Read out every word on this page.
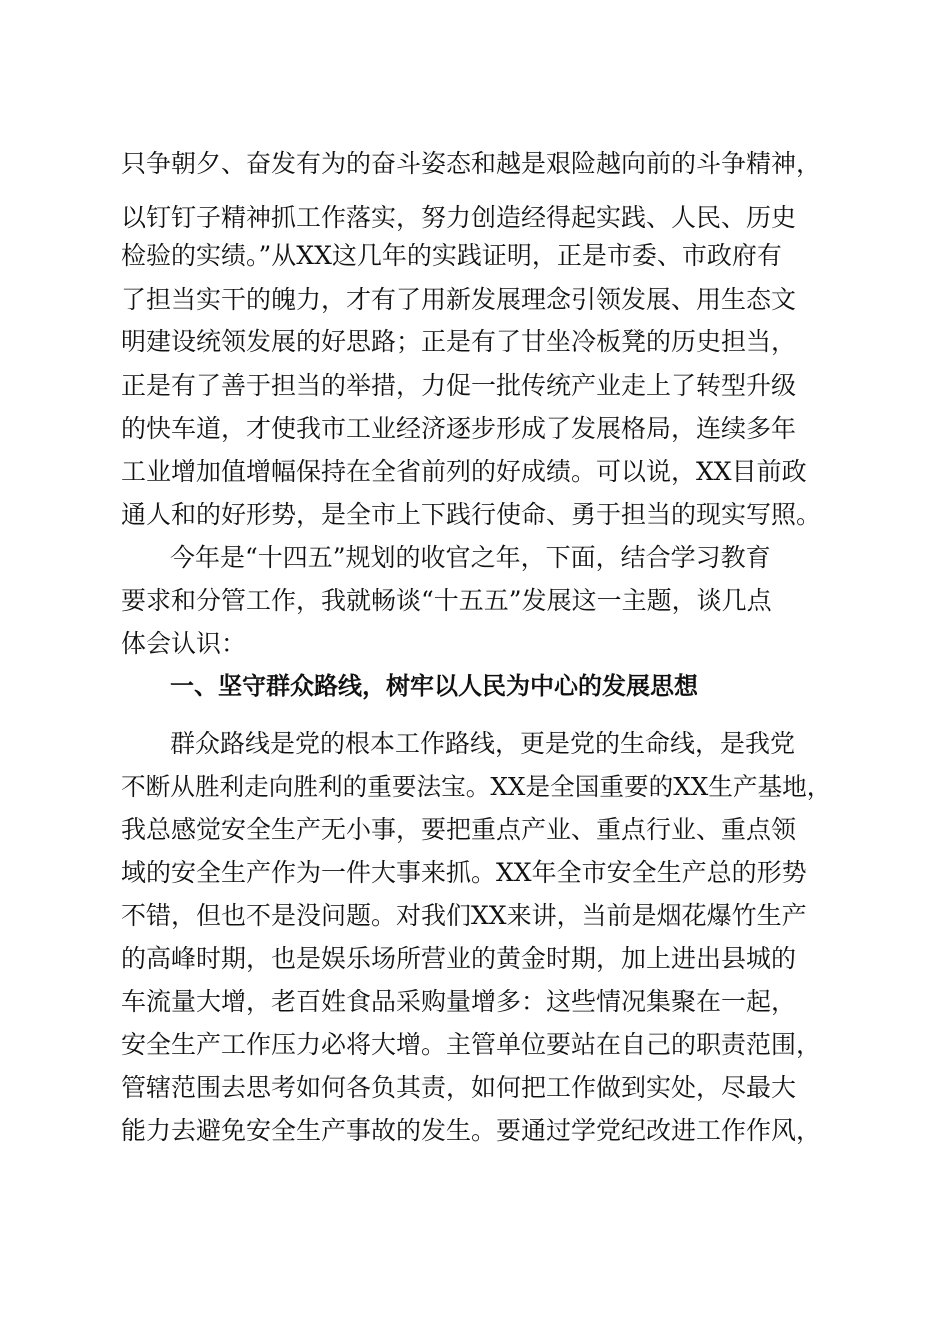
只争朝夕、奋发有为的奋斗姿态和越是艰险越向前的斗争精神，
以钉钉子精神抓工作落实，努力创造经得起实践、人民、历史
检验的实绩。”从XX这几年的实践证明，正是市委、市政府有
了担当实干的魄力，才有了用新发展理念引领发展、用生态文
明建设统领发展的好思路；正是有了甘坐冷板凳的历史担当，
正是有了善于担当的举措，力促一批传统产业走上了转型升级
的快车道，才使我市工业经济逐步形成了发展格局，连续多年
工业增加值增幅保持在全省前列的好成绩。可以说，XX目前政
通人和的好形势，是全市上下践行使命、勇于担当的现实写照。
今年是“十四五”规划的收官之年，下面，结合学习教育
要求和分管工作，我就畅谈“十五五”发展这一主题，谈几点
体会认识：
一、坚守群众路线，树牢以人民为中心的发展思想
群众路线是党的根本工作路线，更是党的生命线，是我党
不断从胜利走向胜利的重要法宝。XX是全国重要的XX生产基地，
我总感觉安全生产无小事，要把重点产业、重点行业、重点领
域的安全生产作为一件大事来抓。XX年全市安全生产总的形势
不错，但也不是没问题。对我们XX来讲，当前是烟花爆竹生产
的高峰时期，也是娱乐场所营业的黄金时期，加上进出县城的
车流量大增，老百姓食品采购量增多：这些情况集聚在一起，
安全生产工作压力必将大增。主管单位要站在自己的职责范围，
管辖范围去思考如何各负其责，如何把工作做到实处，尽最大
能力去避免安全生产事故的发生。要通过学党纪改进工作作风，
